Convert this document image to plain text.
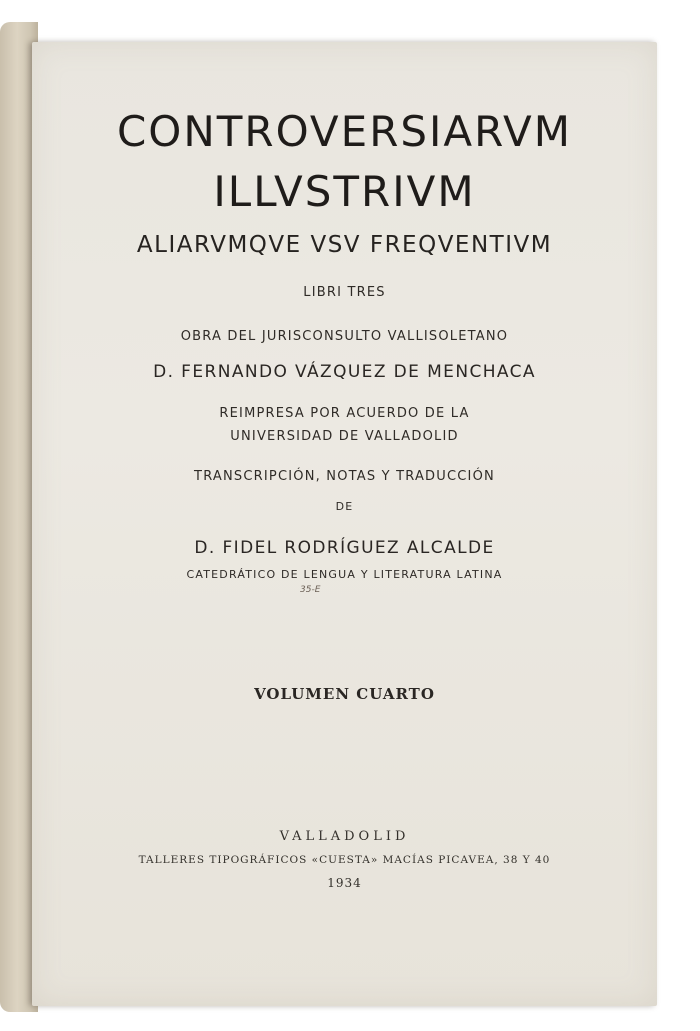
CONTROVERSIARVM
ILLVSTRIVM
ALIARVMQVE VSV FREQVENTIVM
LIBRI TRES
OBRA DEL JURISCONSULTO VALLISOLETANO
D. FERNANDO VÁZQUEZ DE MENCHACA
REIMPRESA POR ACUERDO DE LA
UNIVERSIDAD DE VALLADOLID
TRANSCRIPCIÓN, NOTAS Y TRADUCCIÓN
DE
D. FIDEL RODRÍGUEZ ALCALDE
CATEDRÁTICO DE LENGUA Y LITERATURA LATINA
35-E
VOLUMEN CUARTO
VALLADOLID
TALLERES TIPOGRÁFICOS «CUESTA» MACÍAS PICAVEA, 38 Y 40
1934
